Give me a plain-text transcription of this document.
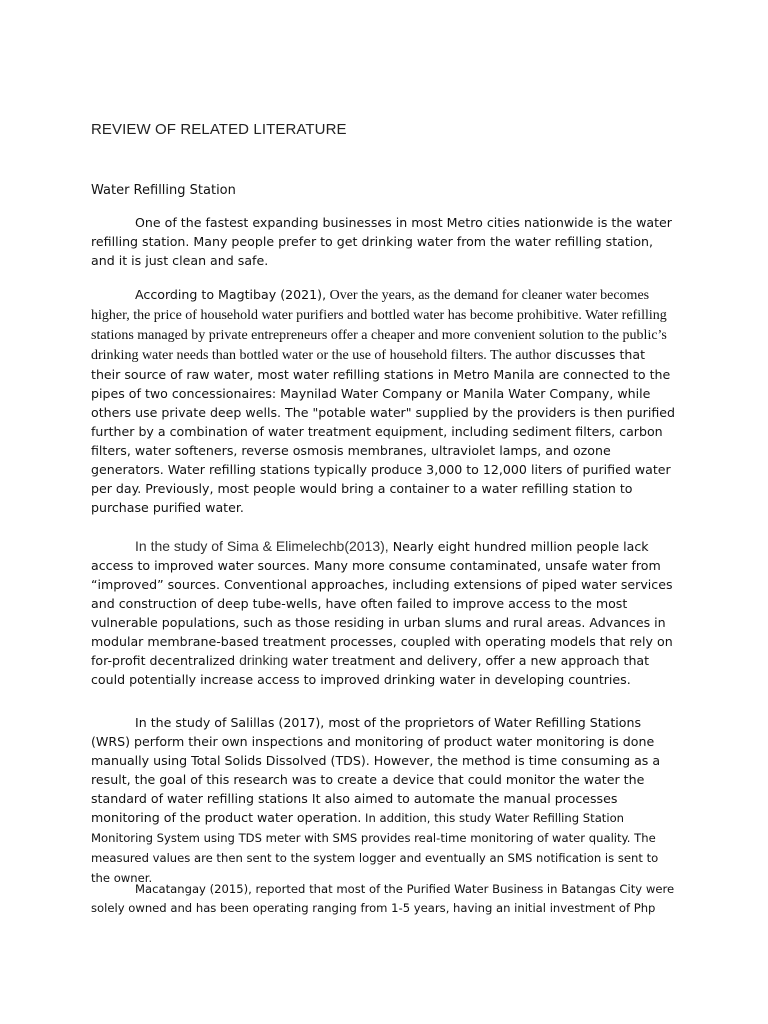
REVIEW OF RELATED LITERATURE
Water Refilling Station

One of the fastest expanding businesses in most Metro cities nationwide is the water refilling station. Many people prefer to get drinking water from the water refilling station, and it is just clean and safe.

According to Magtibay (2021), Over the years, as the demand for cleaner water becomes higher, the price of household water purifiers and bottled water has become prohibitive. Water refilling stations managed by private entrepreneurs offer a cheaper and more convenient solution to the public’s drinking water needs than bottled water or the use of household filters. The author discusses that their source of raw water, most water refilling stations in Metro Manila are connected to the pipes of two concessionaires: Maynilad Water Company or Manila Water Company, while others use private deep wells. The "potable water" supplied by the providers is then purified further by a combination of water treatment equipment, including sediment filters, carbon filters, water softeners, reverse osmosis membranes, ultraviolet lamps, and ozone generators. Water refilling stations typically produce 3,000 to 12,000 liters of purified water per day. Previously, most people would bring a container to a water refilling station to purchase purified water.

In the study of Sima & Elimelechb(2013), Nearly eight hundred million people lack access to improved water sources. Many more consume contaminated, unsafe water from “improved” sources. Conventional approaches, including extensions of piped water services and construction of deep tube-wells, have often failed to improve access to the most vulnerable populations, such as those residing in urban slums and rural areas. Advances in modular membrane-based treatment processes, coupled with operating models that rely on for-profit decentralized drinking water treatment and delivery, offer a new approach that could potentially increase access to improved drinking water in developing countries.

In the study of Salillas (2017), most of the proprietors of Water Refilling Stations (WRS) perform their own inspections and monitoring of product water monitoring is done manually using Total Solids Dissolved (TDS). However, the method is time consuming as a result, the goal of this research was to create a device that could monitor the water the standard of water refilling stations It also aimed to automate the manual processes monitoring of the product water operation. In addition, this study Water Refilling Station Monitoring System using TDS meter with SMS provides real-time monitoring of water quality. The measured values are then sent to the system logger and eventually an SMS notification is sent to the owner.

Macatangay (2015), reported that most of the Purified Water Business in Batangas City were solely owned and has been operating ranging from 1-5 years, having an initial investment of Php
